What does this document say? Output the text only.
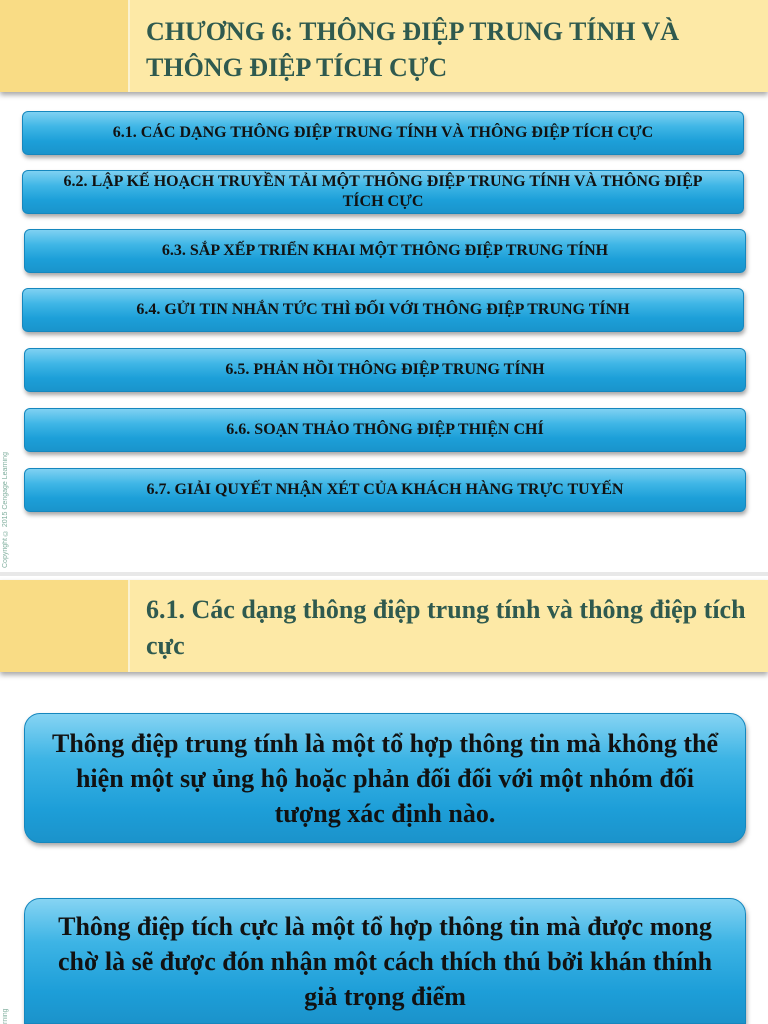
CHƯƠNG 6: THÔNG ĐIỆP TRUNG TÍNH VÀ THÔNG ĐIỆP TÍCH CỰC
6.1. CÁC DẠNG THÔNG ĐIỆP TRUNG TÍNH VÀ THÔNG ĐIỆP TÍCH CỰC
6.2. LẬP KẾ HOẠCH TRUYỀN TẢI MỘT THÔNG ĐIỆP TRUNG TÍNH VÀ THÔNG ĐIỆP TÍCH CỰC
6.3. SẮP XẾP TRIỂN KHAI MỘT THÔNG ĐIỆP TRUNG TÍNH
6.4. GỬI TIN NHẮN TỨC THÌ ĐỐI VỚI THÔNG ĐIỆP TRUNG TÍNH
6.5. PHẢN HỒI THÔNG ĐIỆP TRUNG TÍNH
6.6. SOẠN THẢO THÔNG ĐIỆP THIỆN CHÍ
6.7. GIẢI QUYẾT NHẬN XÉT CỦA KHÁCH HÀNG TRỰC TUYẾN
Copyright © 2015 Cengage Learning
6.1. Các dạng thông điệp trung tính và thông điệp tích cực
Thông điệp trung tính là một tổ hợp thông tin mà không thể hiện một sự ủng hộ hoặc phản đối đối với một nhóm đối tượng xác định nào.
Thông điệp tích cực là một tổ hợp thông tin mà được mong chờ là sẽ được đón nhận một cách thích thú bởi khán thính giả trọng điểm
rning
